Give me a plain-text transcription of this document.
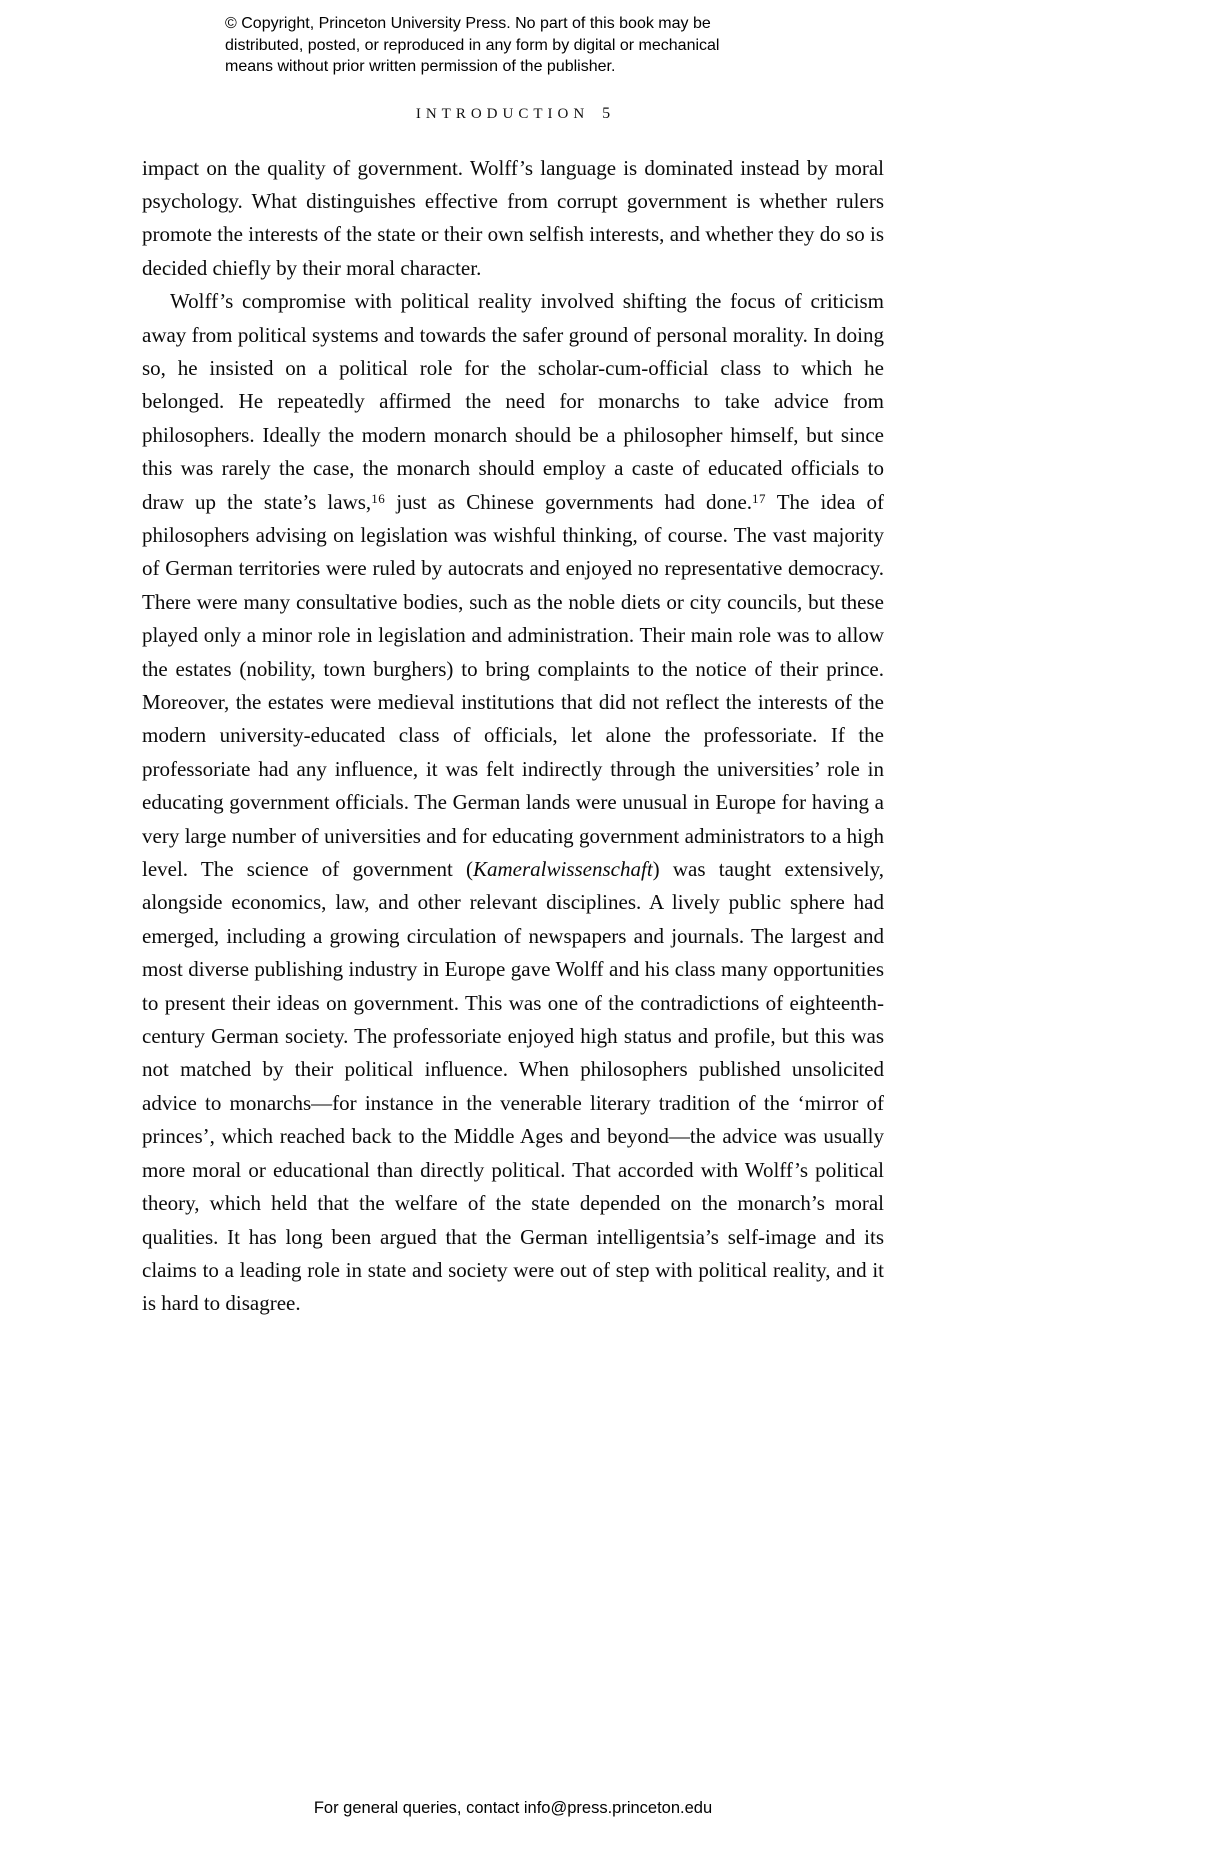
© Copyright, Princeton University Press. No part of this book may be
distributed, posted, or reproduced in any form by digital or mechanical
means without prior written permission of the publisher.
INTRODUCTION 5

impact on the quality of government. Wolff’s language is dominated instead by moral psychology. What distinguishes effective from corrupt government is whether rulers promote the interests of the state or their own selfish interests, and whether they do so is decided chiefly by their moral character.

Wolff’s compromise with political reality involved shifting the focus of criticism away from political systems and towards the safer ground of personal morality. In doing so, he insisted on a political role for the scholar-cum-official class to which he belonged. He repeatedly affirmed the need for monarchs to take advice from philosophers. Ideally the modern monarch should be a philosopher himself, but since this was rarely the case, the monarch should employ a caste of educated officials to draw up the state’s laws,$^{16}$ just as Chinese governments had done.$^{17}$ The idea of philosophers advising on legislation was wishful thinking, of course. The vast majority of German territories were ruled by autocrats and enjoyed no representative democracy. There were many consultative bodies, such as the noble diets or city councils, but these played only a minor role in legislation and administration. Their main role was to allow the estates (nobility, town burghers) to bring complaints to the notice of their prince. Moreover, the estates were medieval institutions that did not reflect the interests of the modern university-educated class of officials, let alone the professoriate. If the professoriate had any influence, it was felt indirectly through the universities’ role in educating government officials. The German lands were unusual in Europe for having a very large number of universities and for educating government administrators to a high level. The science of government (Kameralwissenschaft) was taught extensively, alongside economics, law, and other relevant disciplines. A lively public sphere had emerged, including a growing circulation of newspapers and journals. The largest and most diverse publishing industry in Europe gave Wolff and his class many opportunities to present their ideas on government. This was one of the contradictions of eighteenth-century German society. The professoriate enjoyed high status and profile, but this was not matched by their political influence. When philosophers published unsolicited advice to monarchs—for instance in the venerable literary tradition of the ‘mirror of princes’, which reached back to the Middle Ages and beyond—the advice was usually more moral or educational than directly political. That accorded with Wolff’s political theory, which held that the welfare of the state depended on the monarch’s moral qualities. It has long been argued that the German intelligentsia’s self-image and its claims to a leading role in state and society were out of step with political reality, and it is hard to disagree.

For general queries, contact info@press.princeton.edu
